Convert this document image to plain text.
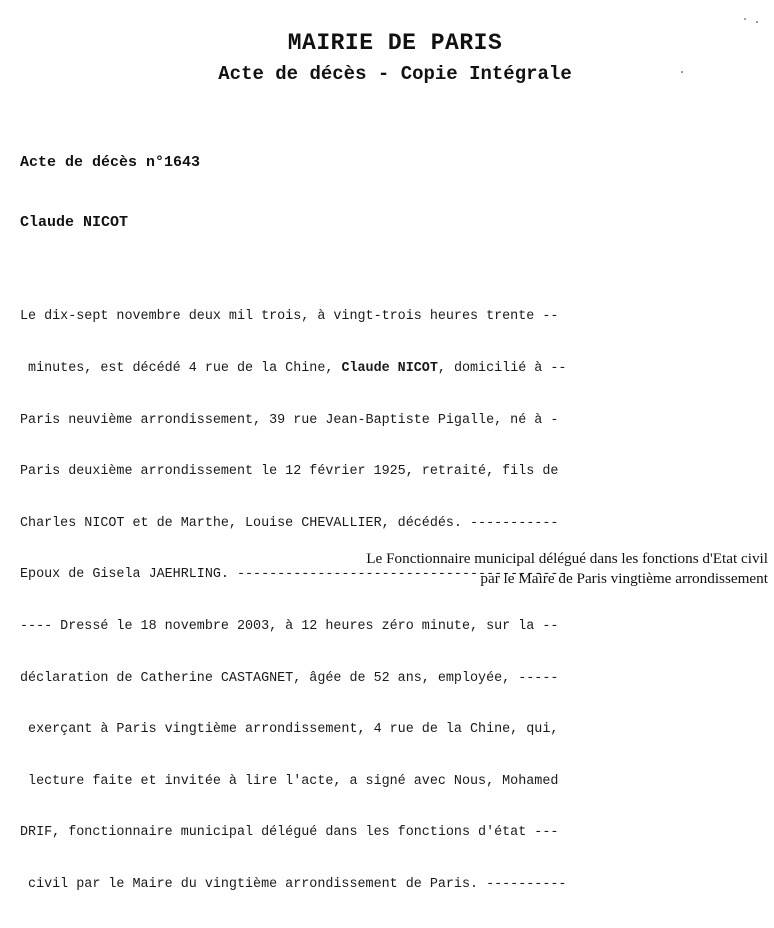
MAIRIE DE PARIS
Acte de décès - Copie Intégrale
Acte de décès n°1643
Claude NICOT

Le dix-sept novembre deux mil trois, à vingt-trois heures trente --

minutes, est décédé 4 rue de la Chine, Claude NICOT, domicilié à --

Paris neuvième arrondissement, 39 rue Jean-Baptiste Pigalle, né à -

Paris deuxième arrondissement le 12 février 1925, retraité, fils de

Charles NICOT et de Marthe, Louise CHEVALLIER, décédés. -----------

Epoux de Gisela JAEHRLING. -----------------------------------------

---- Dressé le 18 novembre 2003, à 12 heures zéro minute, sur la --

déclaration de Catherine CASTAGNET, âgée de 52 ans, employée, -----

exerçant à Paris vingtième arrondissement, 4 rue de la Chine, qui,

lecture faite et invitée à lire l'acte, a signé avec Nous, Mohamed

DRIF, fonctionnaire municipal délégué dans les fonctions d'état ---

civil par le Maire du vingtième arrondissement de Paris. ----------

Le Fonctionnaire municipal délégué dans les fonctions d'Etat civil
par le Maire de Paris vingtième arrondissement
